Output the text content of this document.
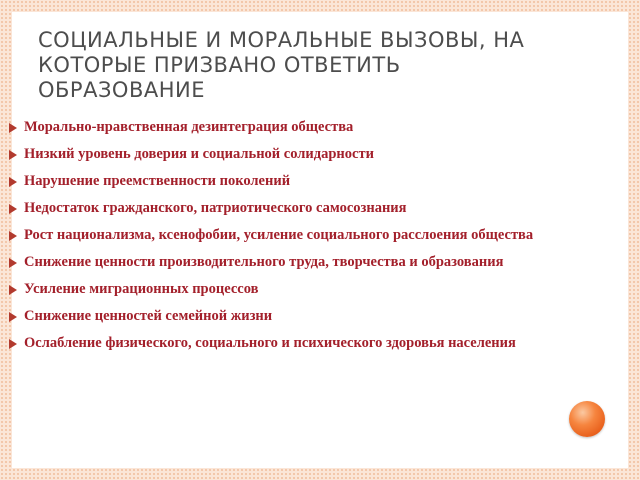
СОЦИАЛЬНЫЕ И МОРАЛЬНЫЕ ВЫЗОВЫ, НА КОТОРЫЕ ПРИЗВАНО ОТВЕТИТЬ ОБРАЗОВАНИЕ
Морально-нравственная дезинтеграция общества
Низкий уровень доверия и социальной солидарности
Нарушение преемственности поколений
Недостаток гражданского, патриотического самосознания
Рост национализма, ксенофобии, усиление социального расслоения общества
Снижение ценности производительного труда, творчества и образования
Усиление миграционных процессов
Снижение ценностей семейной жизни
Ослабление физического, социального и психического здоровья населения
